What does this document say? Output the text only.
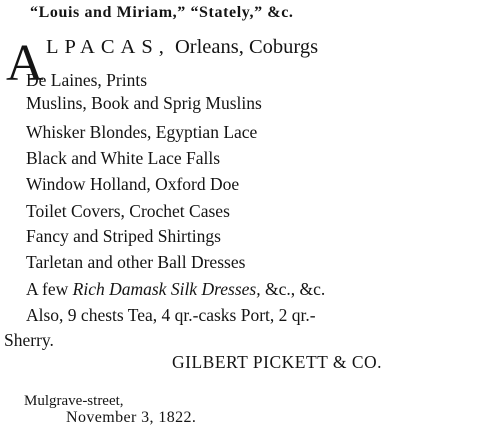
“Louis and Miriam,” “Stately,” &c.
A LPACAS, Orleans, Coburgs
De Laines, Prints
Muslins, Book and Sprig Muslins
Whisker Blondes, Egyptian Lace
Black and White Lace Falls
Window Holland, Oxford Doe
Toilet Covers, Crochet Cases
Fancy and Striped Shirtings
Tarletan and other Ball Dresses
A few Rich Damask Silk Dresses, &c., &c.
Also, 9 chests Tea, 4 qr.-casks Port, 2 qr.-
Sherry.
GILBERT PICKETT & CO.
Mulgrave-street,
November 3, 1822.
